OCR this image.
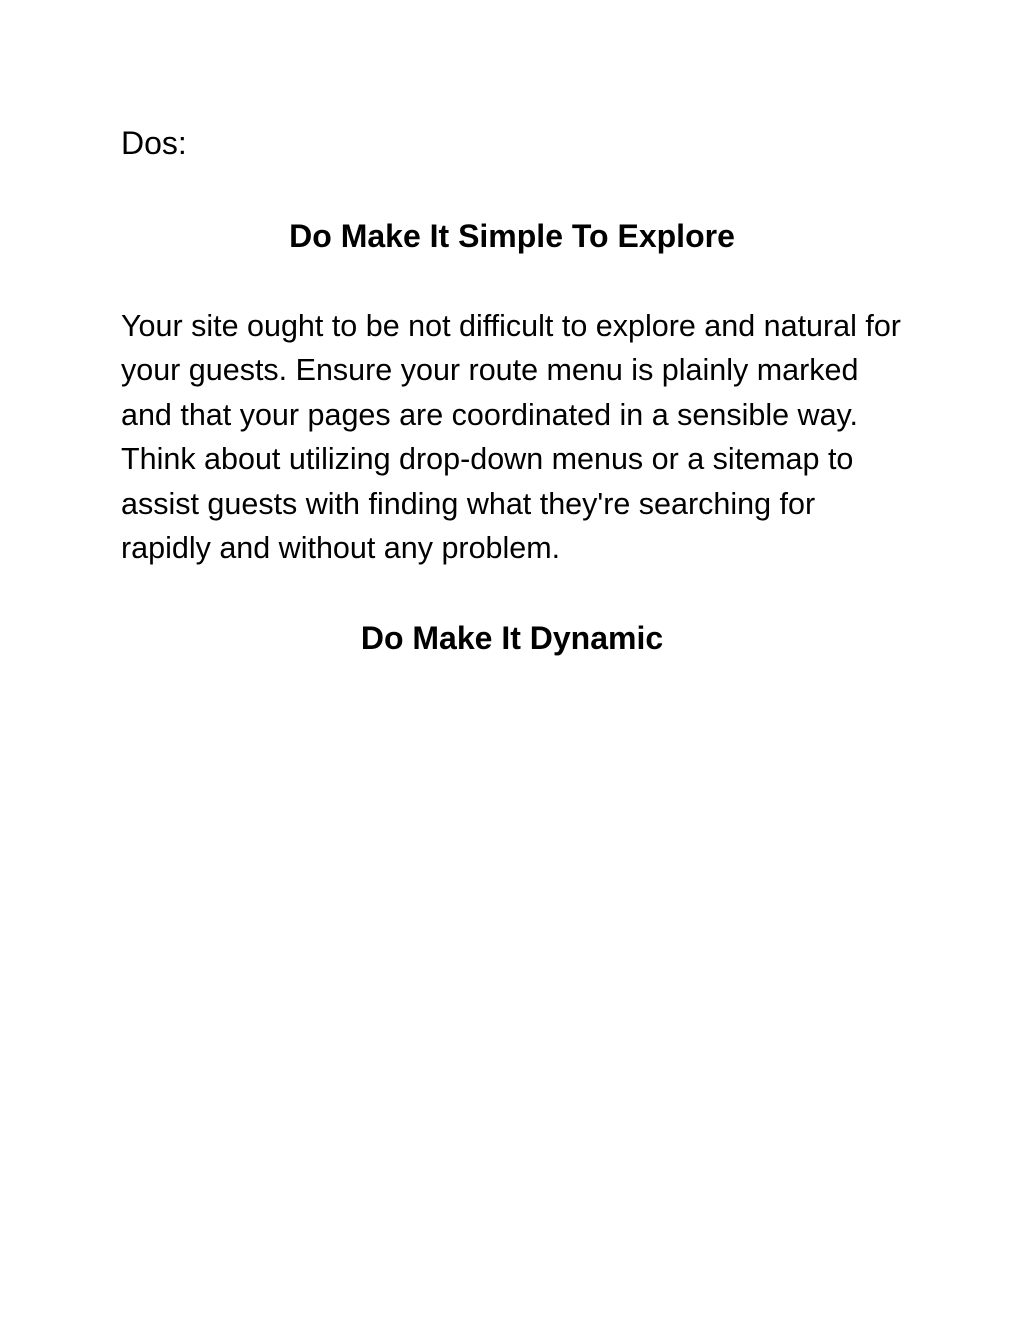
Dos:

Do Make It Simple To Explore

Your site ought to be not difficult to explore and natural for your guests. Ensure your route menu is plainly marked and that your pages are coordinated in a sensible way. Think about utilizing drop-down menus or a sitemap to assist guests with finding what they're searching for rapidly and without any problem.

Do Make It Dynamic
